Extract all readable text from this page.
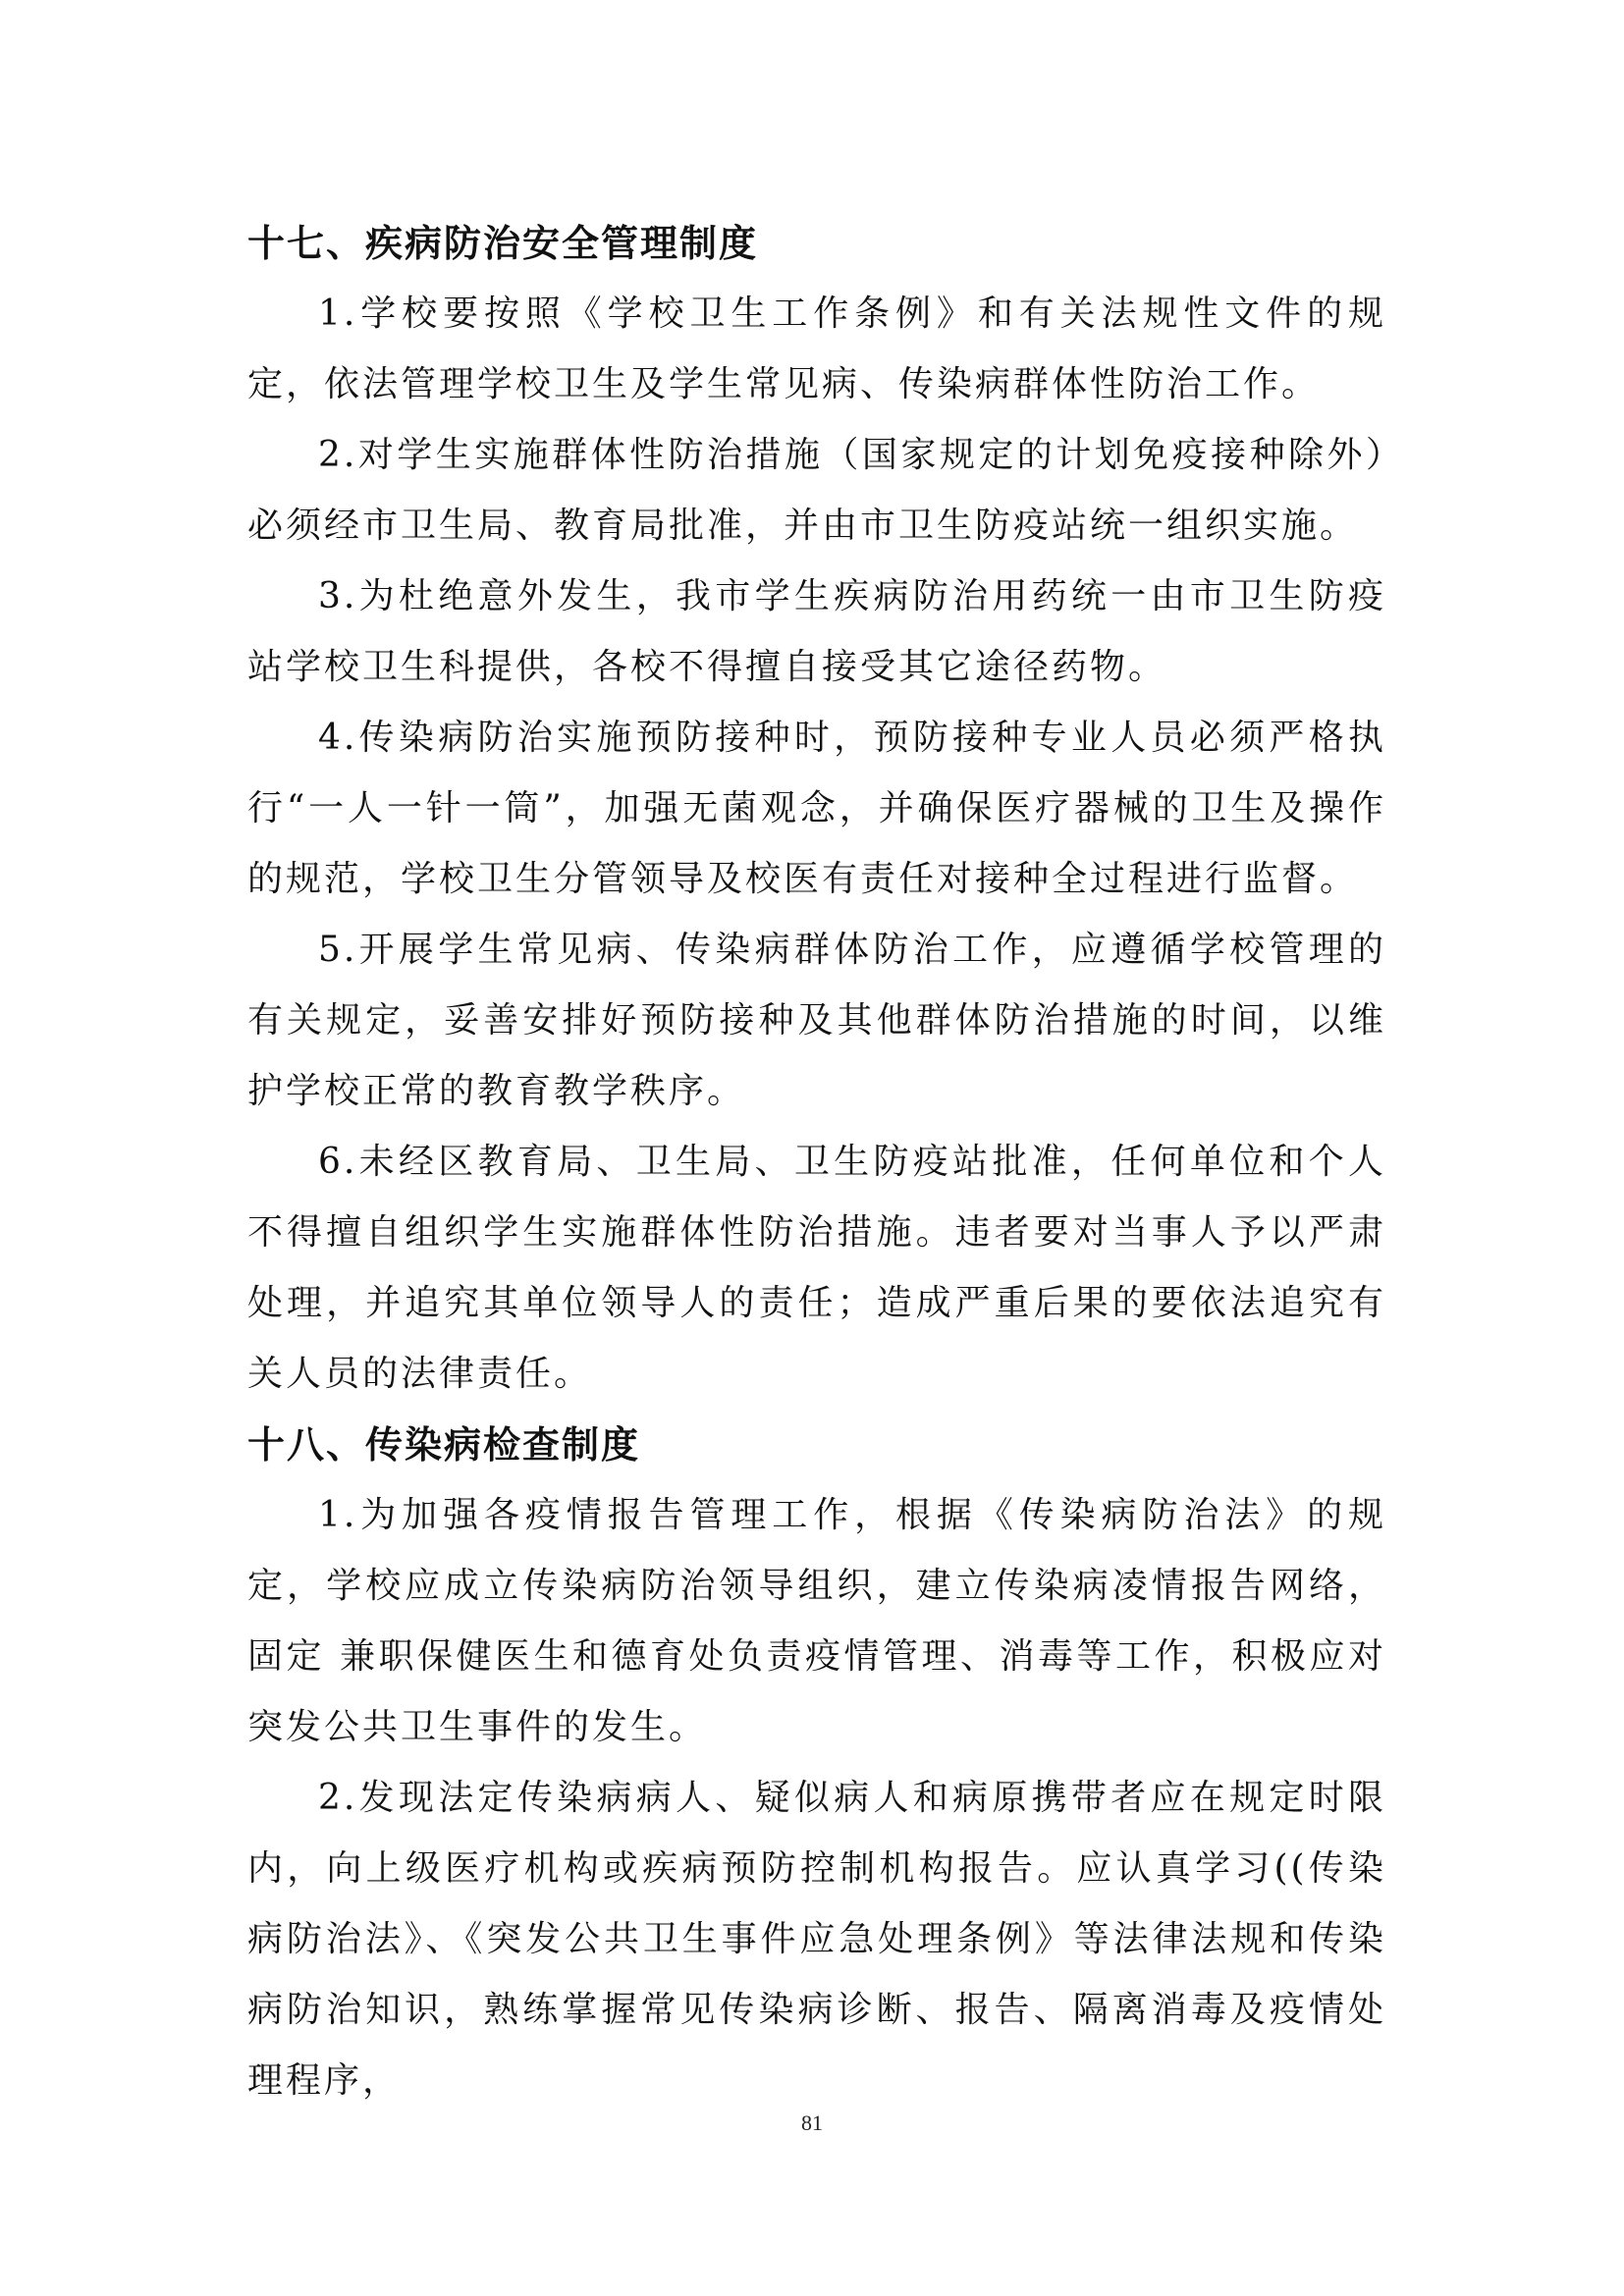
十七、疾病防治安全管理制度

1.学校要按照《学校卫生工作条例》和有关法规性文件的规定，依法管理学校卫生及学生常见病、传染病群体性防治工作。

2.对学生实施群体性防治措施（国家规定的计划免疫接种除外）必须经市卫生局、教育局批准，并由市卫生防疫站统一组织实施。

3.为杜绝意外发生，我市学生疾病防治用药统一由市卫生防疫站学校卫生科提供，各校不得擅自接受其它途径药物。

4.传染病防治实施预防接种时，预防接种专业人员必须严格执行“一人一针一筒”，加强无菌观念，并确保医疗器械的卫生及操作的规范，学校卫生分管领导及校医有责任对接种全过程进行监督。

5.开展学生常见病、传染病群体防治工作，应遵循学校管理的有关规定，妥善安排好预防接种及其他群体防治措施的时间，以维护学校正常的教育教学秩序。

6.未经区教育局、卫生局、卫生防疫站批准，任何单位和个人不得擅自组织学生实施群体性防治措施。违者要对当事人予以严肃处理，并追究其单位领导人的责任；造成严重后果的要依法追究有关人员的法律责任。

十八、传染病检查制度

1.为加强各疫情报告管理工作，根据《传染病防治法》的规定，学校应成立传染病防治领导组织，建立传染病凌情报告网络，固定 兼职保健医生和德育处负责疫情管理、消毒等工作，积极应对突发公共卫生事件的发生。

2.发现法定传染病病人、疑似病人和病原携带者应在规定时限内，向上级医疗机构或疾病预防控制机构报告。应认真学习((传染病防治法》、《突发公共卫生事件应急处理条例》等法律法规和传染病防治知识，熟练掌握常见传染病诊断、报告、隔离消毒及疫情处理程序，

81
